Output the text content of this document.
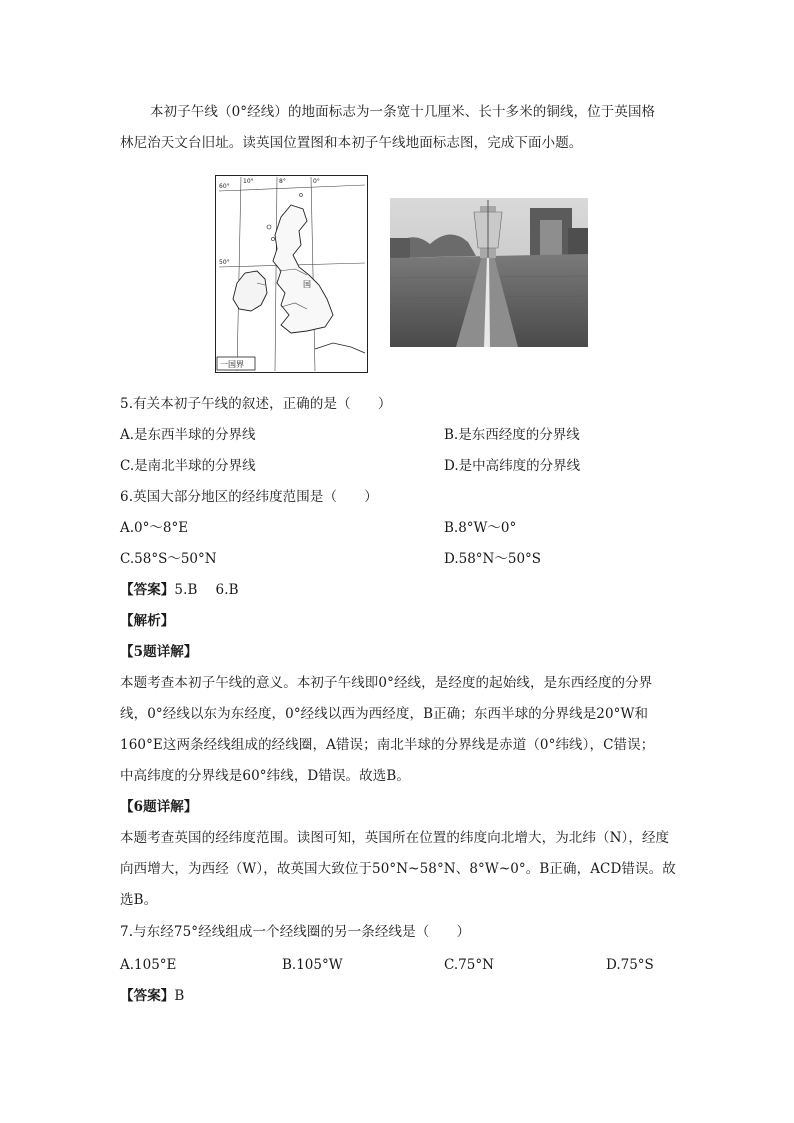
本初子午线（0°经线）的地面标志为一条宽十几厘米、长十多米的铜线，位于英国格
林尼治天文台旧址。读英国位置图和本初子午线地面标志图，完成下面小题。
60°
50°
10°	8°	0°
国
一国界
5.有关本初子午线的叙述，正确的是（　　）
A.是东西半球的分界线	B.是东西经度的分界线
C.是南北半球的分界线	D.是中高纬度的分界线
6.英国大部分地区的经纬度范围是（　　）
A.0°～8°E	B.8°W～0°
C.58°S～50°N	D.58°N～50°S
【答案】5.B　 6.B
【解析】
【5题详解】
本题考查本初子午线的意义。本初子午线即0°经线，是经度的起始线，是东西经度的分界
线，0°经线以东为东经度，0°经线以西为西经度，B正确；东西半球的分界线是20°W和
160°E这两条经线组成的经线圈，A错误；南北半球的分界线是赤道（0°纬线），C错误；
中高纬度的分界线是60°纬线，D错误。故选B。
【6题详解】
本题考查英国的经纬度范围。读图可知，英国所在位置的纬度向北增大，为北纬（N），经度
向西增大，为西经（W），故英国大致位于50°N~58°N、8°W~0°。B正确，ACD错误。故
选B。
7.与东经75°经线组成一个经线圈的另一条经线是（　　）
A.105°E	B.105°W	C.75°N	D.75°S
【答案】B
